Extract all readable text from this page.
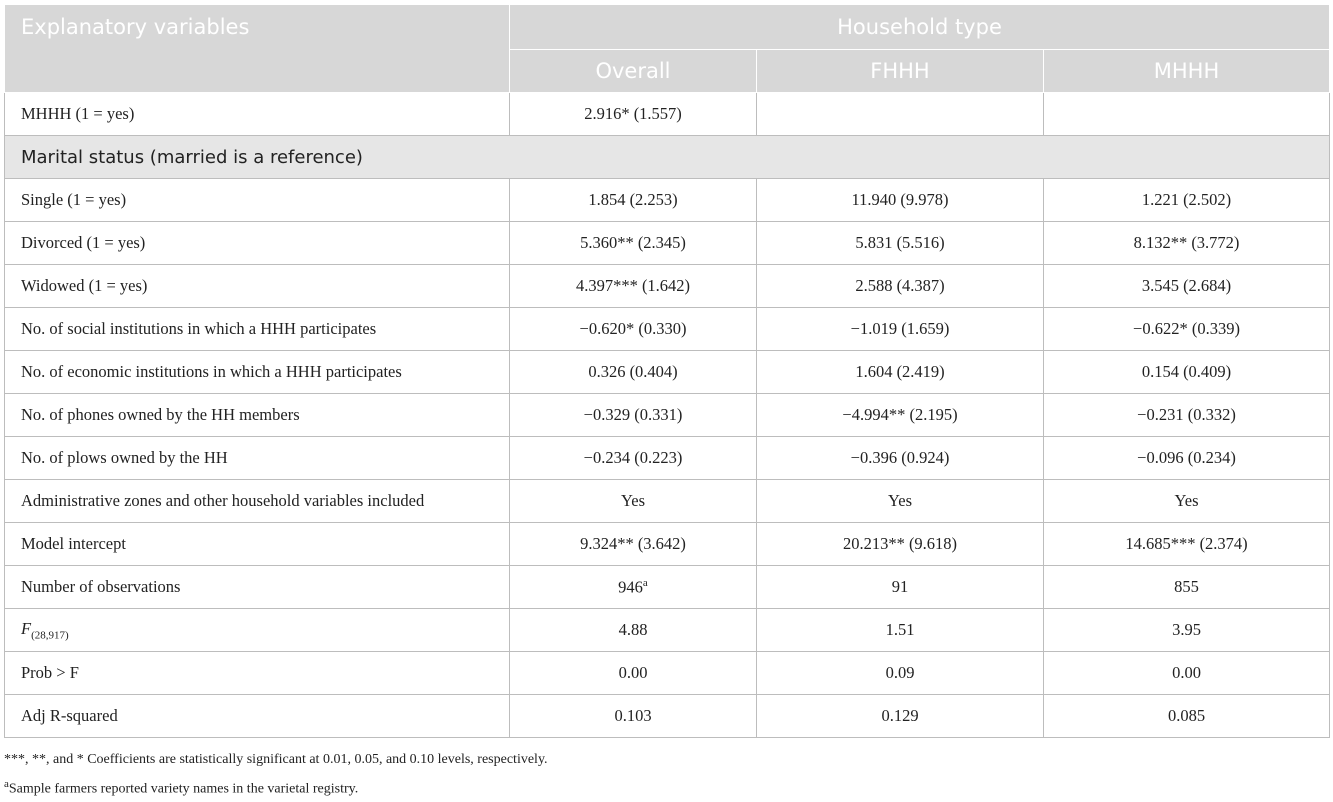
Explanatory variables	Household type		
	Overall	FHHH	MHHH
MHHH (1 = yes)	2.916* (1.557)		
Marital status (married is a reference)			
Single (1 = yes)	1.854 (2.253)	11.940 (9.978)	1.221 (2.502)
Divorced (1 = yes)	5.360** (2.345)	5.831 (5.516)	8.132** (3.772)
Widowed (1 = yes)	4.397*** (1.642)	2.588 (4.387)	3.545 (2.684)
No. of social institutions in which a HHH participates	−0.620* (0.330)	−1.019 (1.659)	−0.622* (0.339)
No. of economic institutions in which a HHH participates	0.326 (0.404)	1.604 (2.419)	0.154 (0.409)
No. of phones owned by the HH members	−0.329 (0.331)	−4.994** (2.195)	−0.231 (0.332)
No. of plows owned by the HH	−0.234 (0.223)	−0.396 (0.924)	−0.096 (0.234)
Administrative zones and other household variables included	Yes	Yes	Yes
Model intercept	9.324** (3.642)	20.213** (9.618)	14.685*** (2.374)
Number of observations	946$^a$	91	855
$F_{(28,917)}$	4.88	1.51	3.95
Prob > F	0.00	0.09	0.00
Adj R-squared	0.103	0.129	0.085
***, **, and * Coefficients are statistically significant at 0.01, 0.05, and 0.10 levels, respectively.
$^a$Sample farmers reported variety names in the varietal registry.
